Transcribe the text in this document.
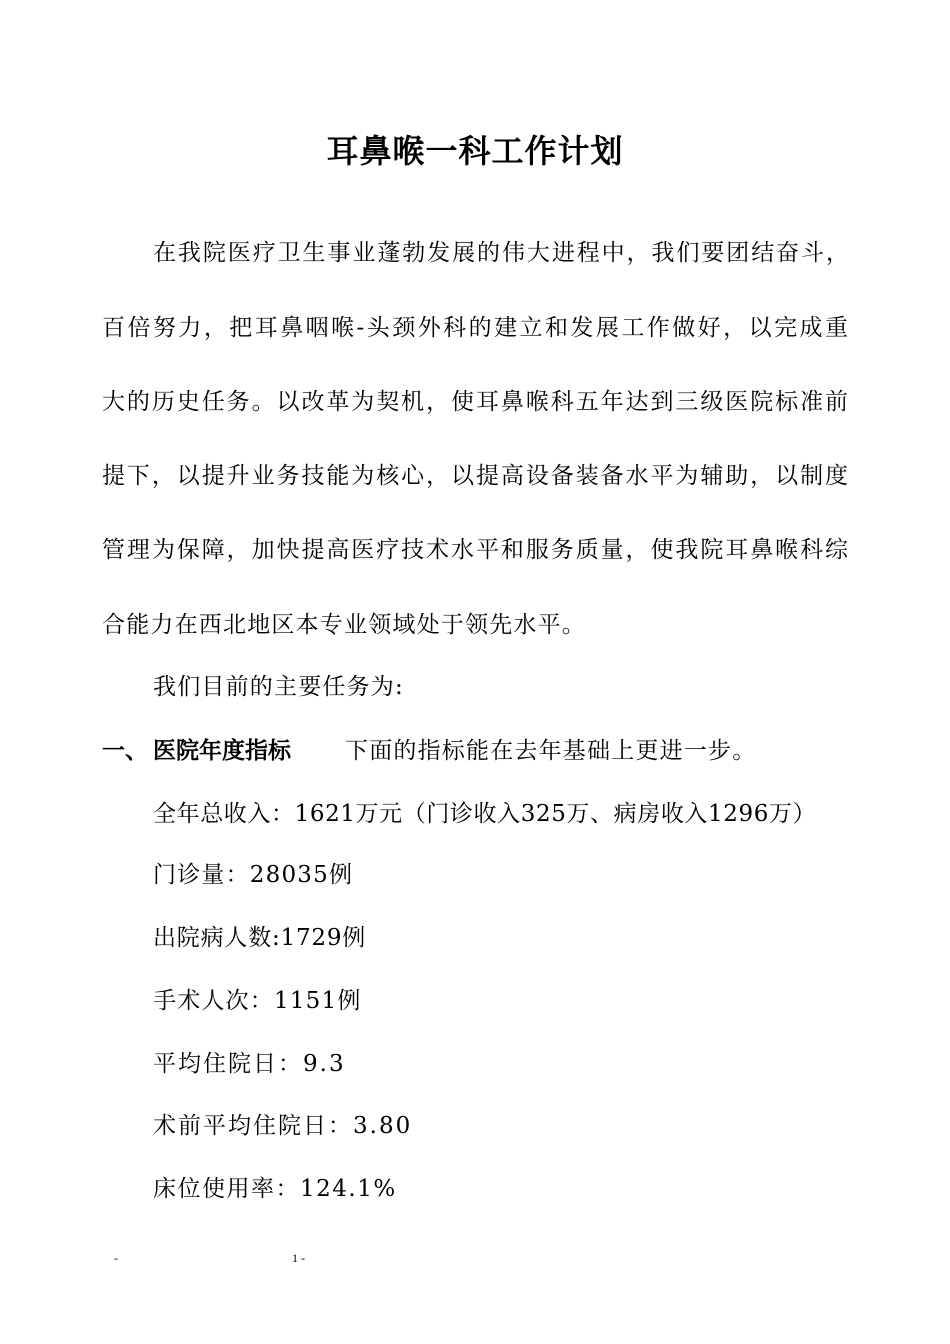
耳鼻喉一科工作计划
在我院医疗卫生事业蓬勃发展的伟大进程中，我们要团结奋斗，
百倍努力，把耳鼻咽喉-头颈外科的建立和发展工作做好，以完成重
大的历史任务。以改革为契机，使耳鼻喉科五年达到三级医院标准前
提下，以提升业务技能为核心，以提高设备装备水平为辅助，以制度
管理为保障，加快提高医疗技术水平和服务质量，使我院耳鼻喉科综
合能力在西北地区本专业领域处于领先水平。
我们目前的主要任务为:
一、 医院年度指标 下面的指标能在去年基础上更进一步。
全年总收入：1621万元（门诊收入325万、病房收入1296万）
门诊量：28035例
出院病人数:1729例
手术人次：1151例
平均住院日：9.3
术前平均住院日：3.80
床位使用率：124.1%
-	1 -
